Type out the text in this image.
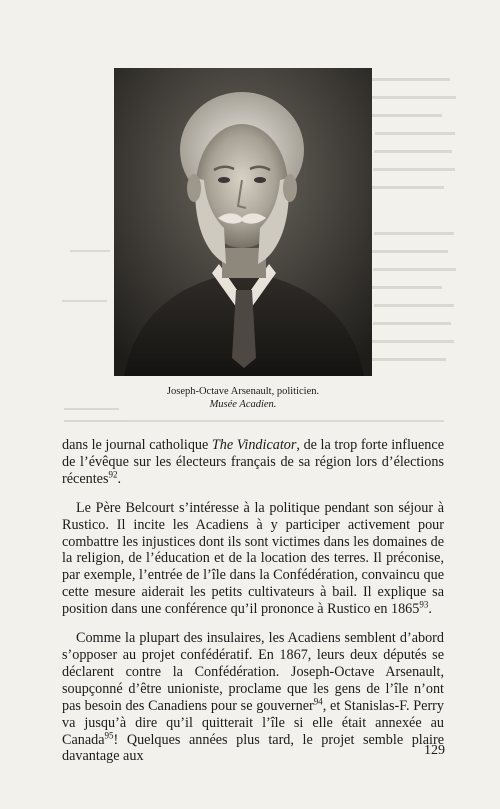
Joseph-Octave Arsenault, politicien.
Musée Acadien.

dans le journal catholique The Vindicator, de la trop forte influence de l’évêque sur les électeurs français de sa région lors d’élections récentes$^{92}$.

Le Père Belcourt s’intéresse à la politique pendant son séjour à Rustico. Il incite les Acadiens à y participer activement pour combattre les injustices dont ils sont victimes dans les domaines de la religion, de l’éducation et de la location des terres. Il préconise, par exemple, l’entrée de l’île dans la Confédération, convaincu que cette mesure aiderait les petits cultivateurs à bail. Il explique sa position dans une conférence qu’il prononce à Rustico en 1865$^{93}$.

Comme la plupart des insulaires, les Acadiens semblent d’abord s’opposer au projet confédératif. En 1867, leurs deux députés se déclarent contre la Confédération. Joseph-Octave Arsenault, soupçonné d’être unioniste, proclame que les gens de l’île n’ont pas besoin des Canadiens pour se gouverner$^{94}$, et Stanislas-F. Perry va jusqu’à dire qu’il quitterait l’île si elle était annexée au Canada$^{95}$! Quelques années plus tard, le projet semble plaire davantage aux	129
